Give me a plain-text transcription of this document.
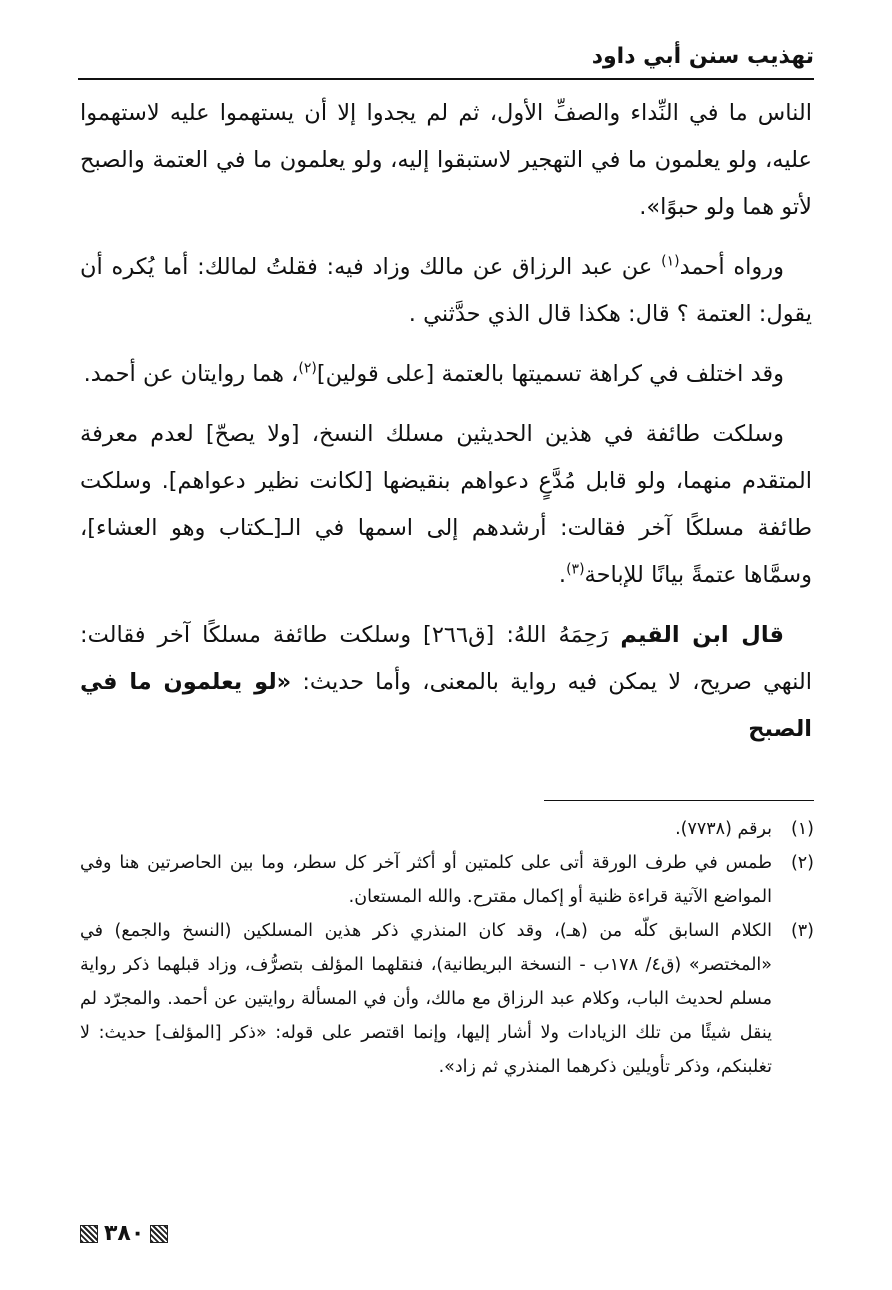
تهذيب سنن أبي داود

الناس ما في النِّداء والصفِّ الأول، ثم لم يجدوا إلا أن يستهموا عليه لاستهموا عليه، ولو يعلمون ما في التهجير لاستبقوا إليه، ولو يعلمون ما في العتمة والصبح لأتو هما ولو حبوًا».

ورواه أحمد$^{(١)}$ عن عبد الرزاق عن مالك وزاد فيه: فقلتُ لمالك: أما يُكره أن يقول: العتمة ؟ قال: هكذا قال الذي حدَّثني .

وقد اختلف في كراهة تسميتها بالعتمة [على قولين]$^{(٢)}$، هما روايتان عن أحمد.

وسلكت طائفة في هذين الحديثين مسلك النسخ، [ولا يصحّ] لعدم معرفة المتقدم منهما، ولو قابل مُدَّعٍ دعواهم بنقيضها [لكانت نظير دعواهم]. وسلكت طائفة مسلكًا آخر فقالت: أرشدهم إلى اسمها في الـ[ـكتاب وهو العشاء]، وسمَّاها عتمةً بيانًا للإباحة$^{(٣)}$.

قال ابن القيم رَحِمَهُ اللهُ: [ق٢٦٦] وسلكت طائفة مسلكًا آخر فقالت: النهي صريح، لا يمكن فيه رواية بالمعنى، وأما حديث: «لو يعلمون ما في الصبح

(١)
برقم (٧٧٣٨).
(٢)
طمس في طرف الورقة أتى على كلمتين أو أكثر آخر كل سطر، وما بين الحاصرتين هنا وفي المواضع الآتية قراءة ظنية أو إكمال مقترح. والله المستعان.
(٣)
الكلام السابق كلّه من (هـ)، وقد كان المنذري ذكر هذين المسلكين (النسخ والجمع) في «المختصر» (ق٤/ ١٧٨ب - النسخة البريطانية)، فنقلهما المؤلف بتصرُّف، وزاد قبلهما ذكر رواية مسلم لحديث الباب، وكلام عبد الرزاق مع مالك، وأن في المسألة روايتين عن أحمد. والمجرّد لم ينقل شيئًا من تلك الزيادات ولا أشار إليها، وإنما اقتصر على قوله: «ذكر [المؤلف] حديث: لا تغلبنكم، وذكر تأويلين ذكرهما المنذري ثم زاد».
٣٨٠
